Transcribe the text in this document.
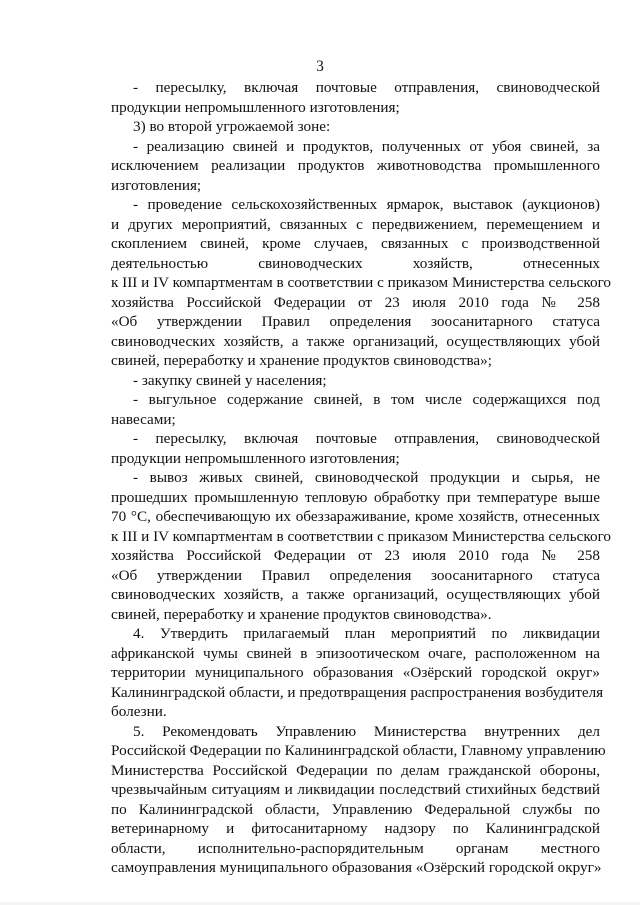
3
- пересылку, включая почтовые отправления, свиноводческой
продукции непромышленного изготовления;
3) во второй угрожаемой зоне:
- реализацию свиней и продуктов, полученных от убоя свиней, за
исключением реализации продуктов животноводства промышленного
изготовления;
- проведение сельскохозяйственных ярмарок, выставок (аукционов)
и других мероприятий, связанных с передвижением, перемещением и
скоплением свиней, кроме случаев, связанных с производственной
деятельностью свиноводческих хозяйств, отнесенных
к III и IV компартментам в соответствии с приказом Министерства сельского
хозяйства Российской Федерации от 23 июля 2010 года № 258
«Об утверждении Правил определения зоосанитарного статуса
свиноводческих хозяйств, а также организаций, осуществляющих убой
свиней, переработку и хранение продуктов свиноводства»;
- закупку свиней у населения;
- выгульное содержание свиней, в том числе содержащихся под
навесами;
- пересылку, включая почтовые отправления, свиноводческой
продукции непромышленного изготовления;
- вывоз живых свиней, свиноводческой продукции и сырья, не
прошедших промышленную тепловую обработку при температуре выше
70 °С, обеспечивающую их обеззараживание, кроме хозяйств, отнесенных
к III и IV компартментам в соответствии с приказом Министерства сельского
хозяйства Российской Федерации от 23 июля 2010 года № 258
«Об утверждении Правил определения зоосанитарного статуса
свиноводческих хозяйств, а также организаций, осуществляющих убой
свиней, переработку и хранение продуктов свиноводства».
4. Утвердить прилагаемый план мероприятий по ликвидации
африканской чумы свиней в эпизоотическом очаге, расположенном на
территории муниципального образования «Озёрский городской округ»
Калининградской области, и предотвращения распространения возбудителя
болезни.
5. Рекомендовать Управлению Министерства внутренних дел
Российской Федерации по Калининградской области, Главному управлению
Министерства Российской Федерации по делам гражданской обороны,
чрезвычайным ситуациям и ликвидации последствий стихийных бедствий
по Калининградской области, Управлению Федеральной службы по
ветеринарному и фитосанитарному надзору по Калининградской
области, исполнительно-распорядительным органам местного
самоуправления муниципального образования «Озёрский городской округ»
